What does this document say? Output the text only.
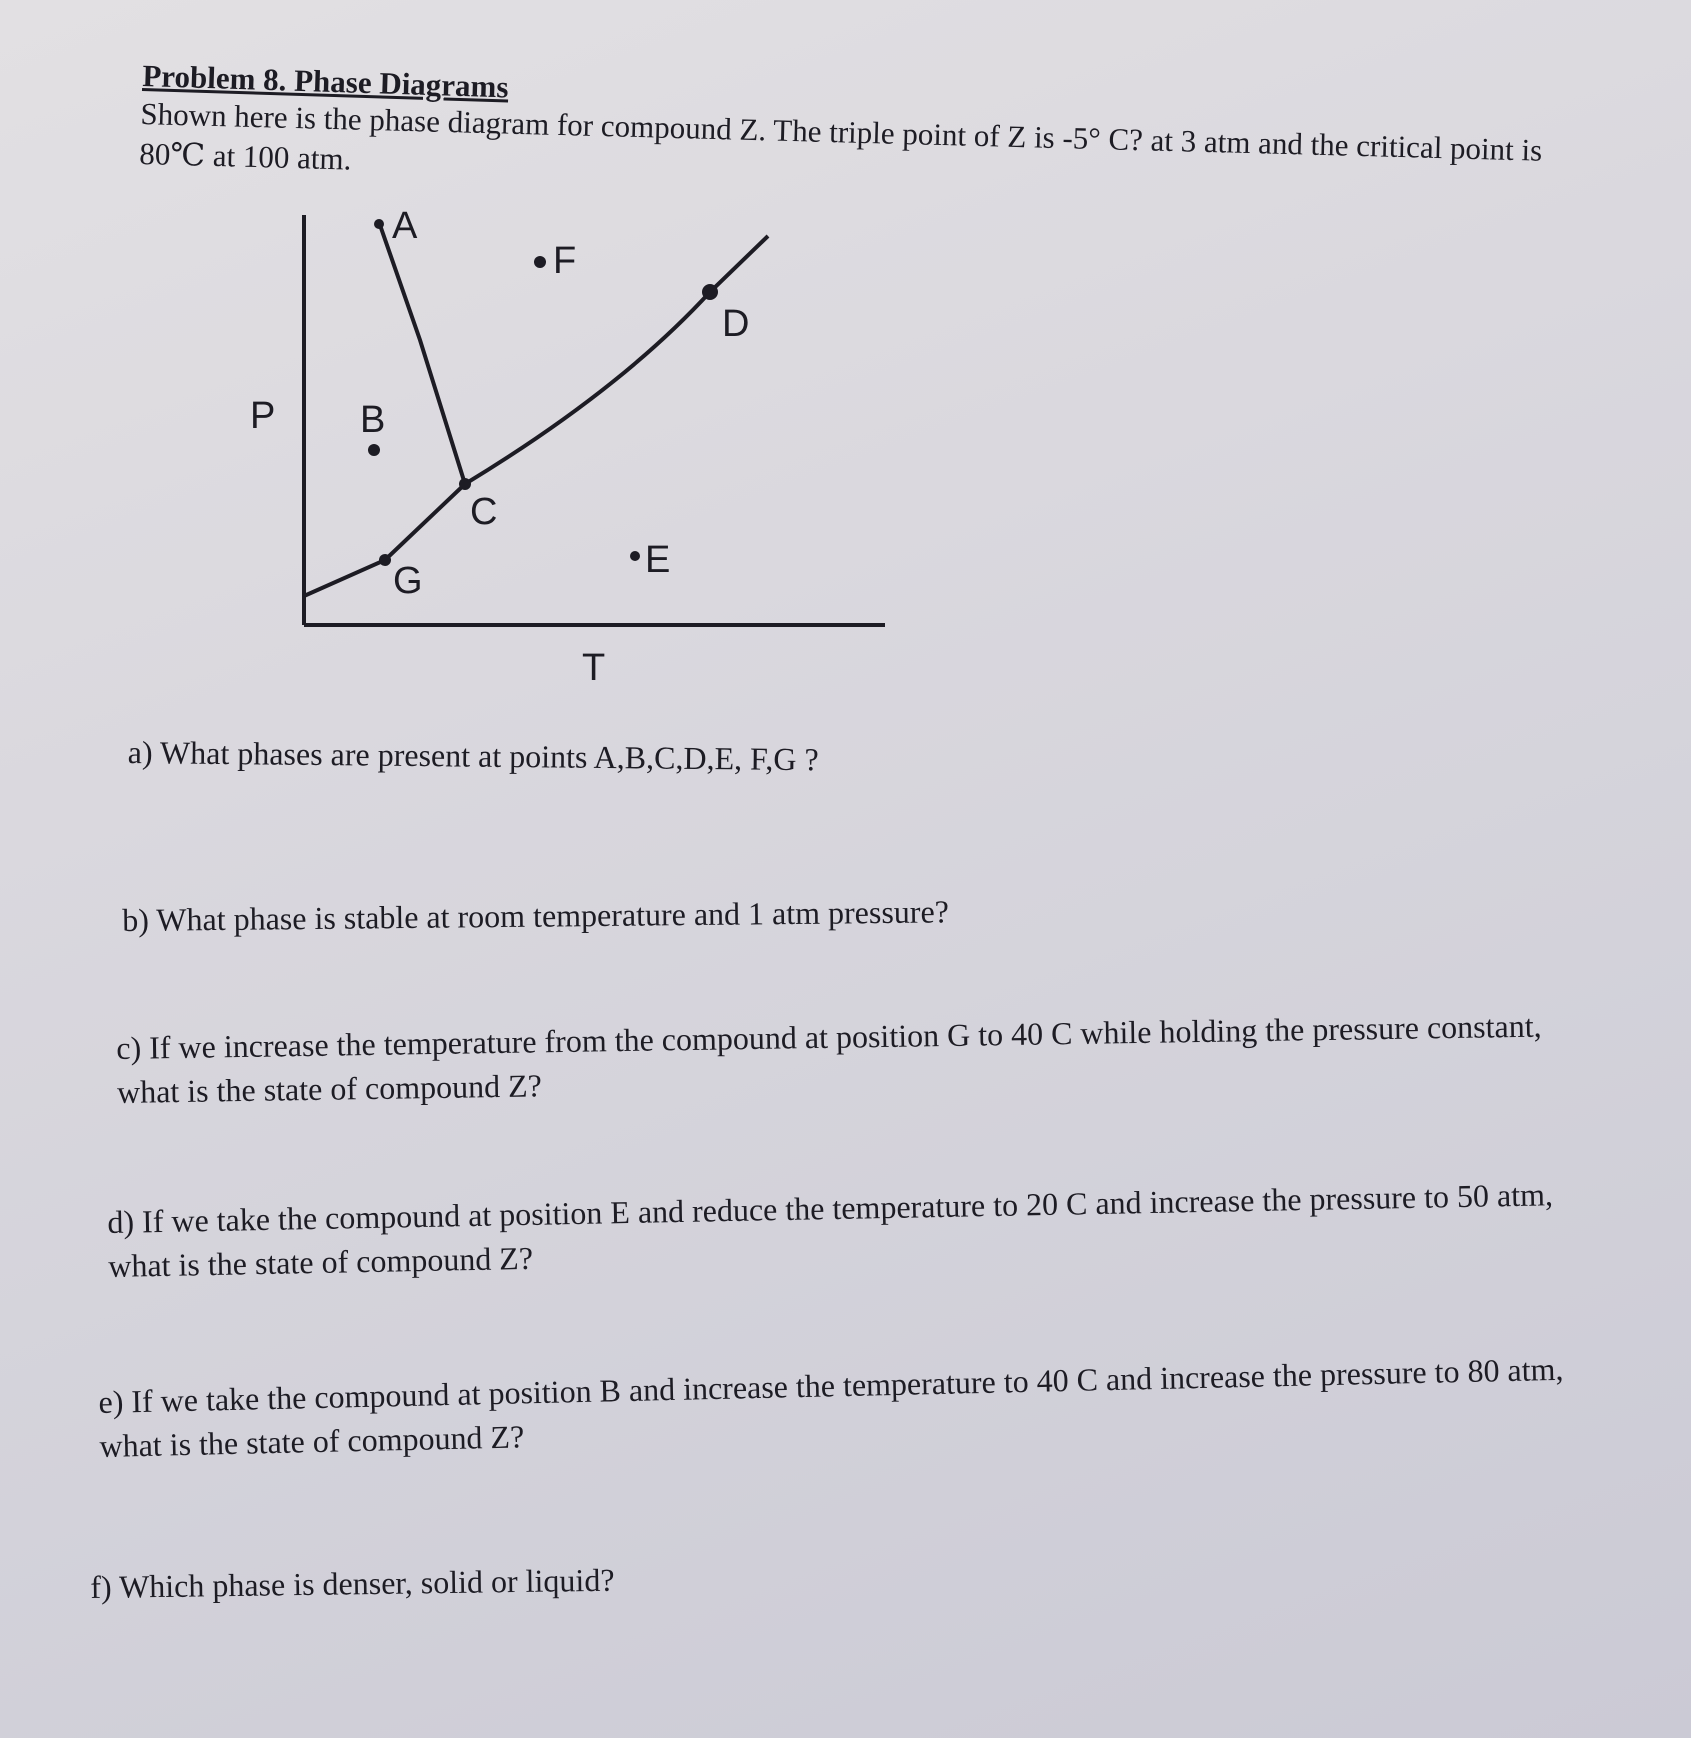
Problem 8. Phase Diagrams

Shown here is the phase diagram for compound Z. The triple point of Z is -5° C? at 3 atm and the critical point is 80℃ at 100 atm.

P
T
A
B
C
D
E
F
G

a) What phases are present at points A,B,C,D,E, F,G ?

b) What phase is stable at room temperature and 1 atm pressure?

c) If we increase the temperature from the compound at position G to 40 C while holding the pressure constant, what is the state of compound Z?

d) If we take the compound at position E and reduce the temperature to 20 C and increase the pressure to 50 atm, what is the state of compound Z?

e) If we take the compound at position B and increase the temperature to 40 C and increase the pressure to 80 atm, what is the state of compound Z?

f) Which phase is denser, solid or liquid?
